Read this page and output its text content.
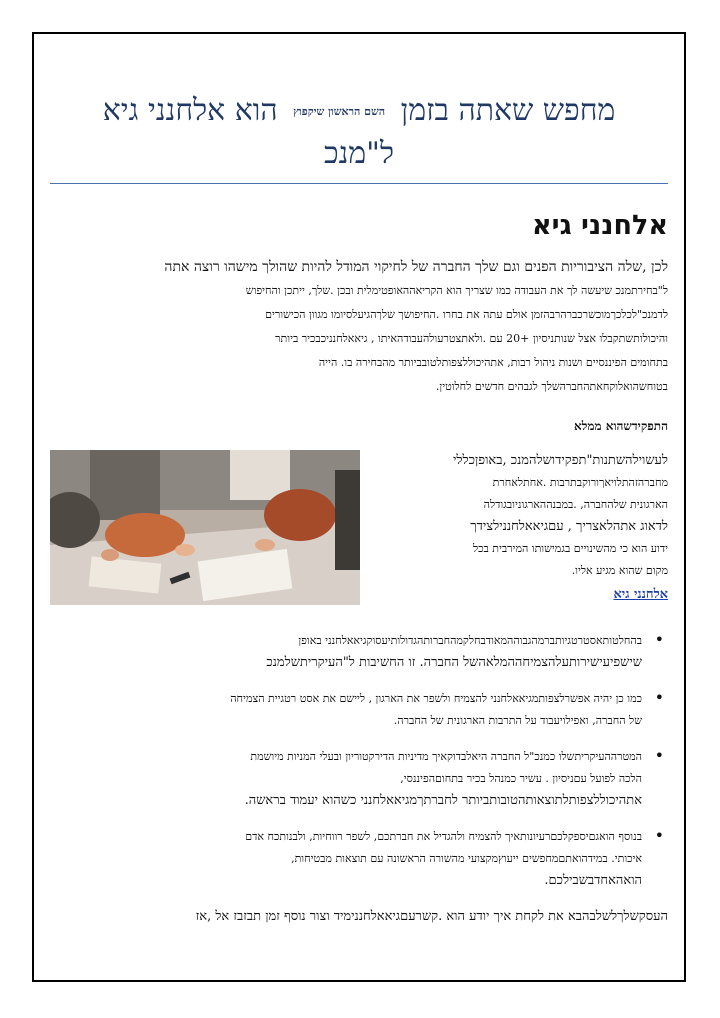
מחפש שאתה בזמן השם הראשון שיקפוץ הוא אלחנני גיא
ל"מנכ
אלחנני גיא

לכן ,שלה הציבוריות הפנים וגם שלך החברה של לחיקוי המודל להיות שהולך מישהו רוצה אתה

ל"בחירתמנכ שיעשה לך את העבודה כמו שצריך הוא הקריאההאופטימלית ובכן .שלך, ייתכן והחיפוש

לדמנכ"לכלכךמוכשרכברהרבהזמן אולם עתה את בחרו .החיפושך שלךהגיעלסיומו מגוון הכישורים

והיכולותשתקבלו אצל שנותניסיון +20 עם .ולאתצטרעולהעבודהאיתו , גיאאלחנניכבכיר ביותר

בתחומים הפיננסיים ושנות ניהול רבות, אתהיכוללצפותלטובביותר מהבחירה בו. הייה

בטוחשהואלוקחאתהחברהשלך לגבהים חדשים לחלוטין.

התפקידשהוא ממלא

לעשוילהשתנות"תפקידושלהמנכ ,באופןכללי

מחברהזהתלויאךורוקבתרבות .אחתלאחרת

הארגונית שלהחברה, .במבנההארגוניובגודלה

לדאוג אתהלאצריך , עםגיאאלחננילצידך

ידוע הוא כי מהשינויים בגמישותו המירבית בכל

מקום שהוא מגיע אליו.

אלחנני גיא

• בהחלטותאסטרטגיותברמהגבוההמאודבחלקמהחברותהגדולותיעסוקגיאאלחנני באופן

שישפיעישירותעלהצמיחההמלאהשל החברה. זו החשיבות ל"העיקריתשלמנכ

• כמו כן יהיה אפשרלצפותמגיאאלחנני להצמיח ולשפר את הארגון , ליישם את אסט רטגיית הצמיחה

של החברה, ואפילויעבוד על התרבות הארגונית של החברה.

• המטרההעיקריתשלו כמנכ"ל החברה היאלבדוקאיך מדיניות הדירקטוריון ובעלי המניות מיושמת

הלכה לפועל עםניסיון . עשיר כמנהל בכיר בתחוםהפיננסי,

אתהיכוללצפותלתוצאותהטובותביותר לחברתךמגיאאלחנני כשהוא יעמוד בראשה.

• בנוסף הואגםיספקלכםרעיונותאיך להצמיח ולהגדיל את חברתכם, לשפר רווחיות, ולבנותכח אדם

איכותי. במידהואתםמחפשים ייעוץמקצועי מהשורה הראשונה עם תוצאות מבטיחות,

הואהאחדבשבילכם.

העסקשלךלשלבהבא את לקחת איך יודע הוא .קשרעםגיאאלחננימיד וצור נוסף זמן תבזבז אל ,אז
